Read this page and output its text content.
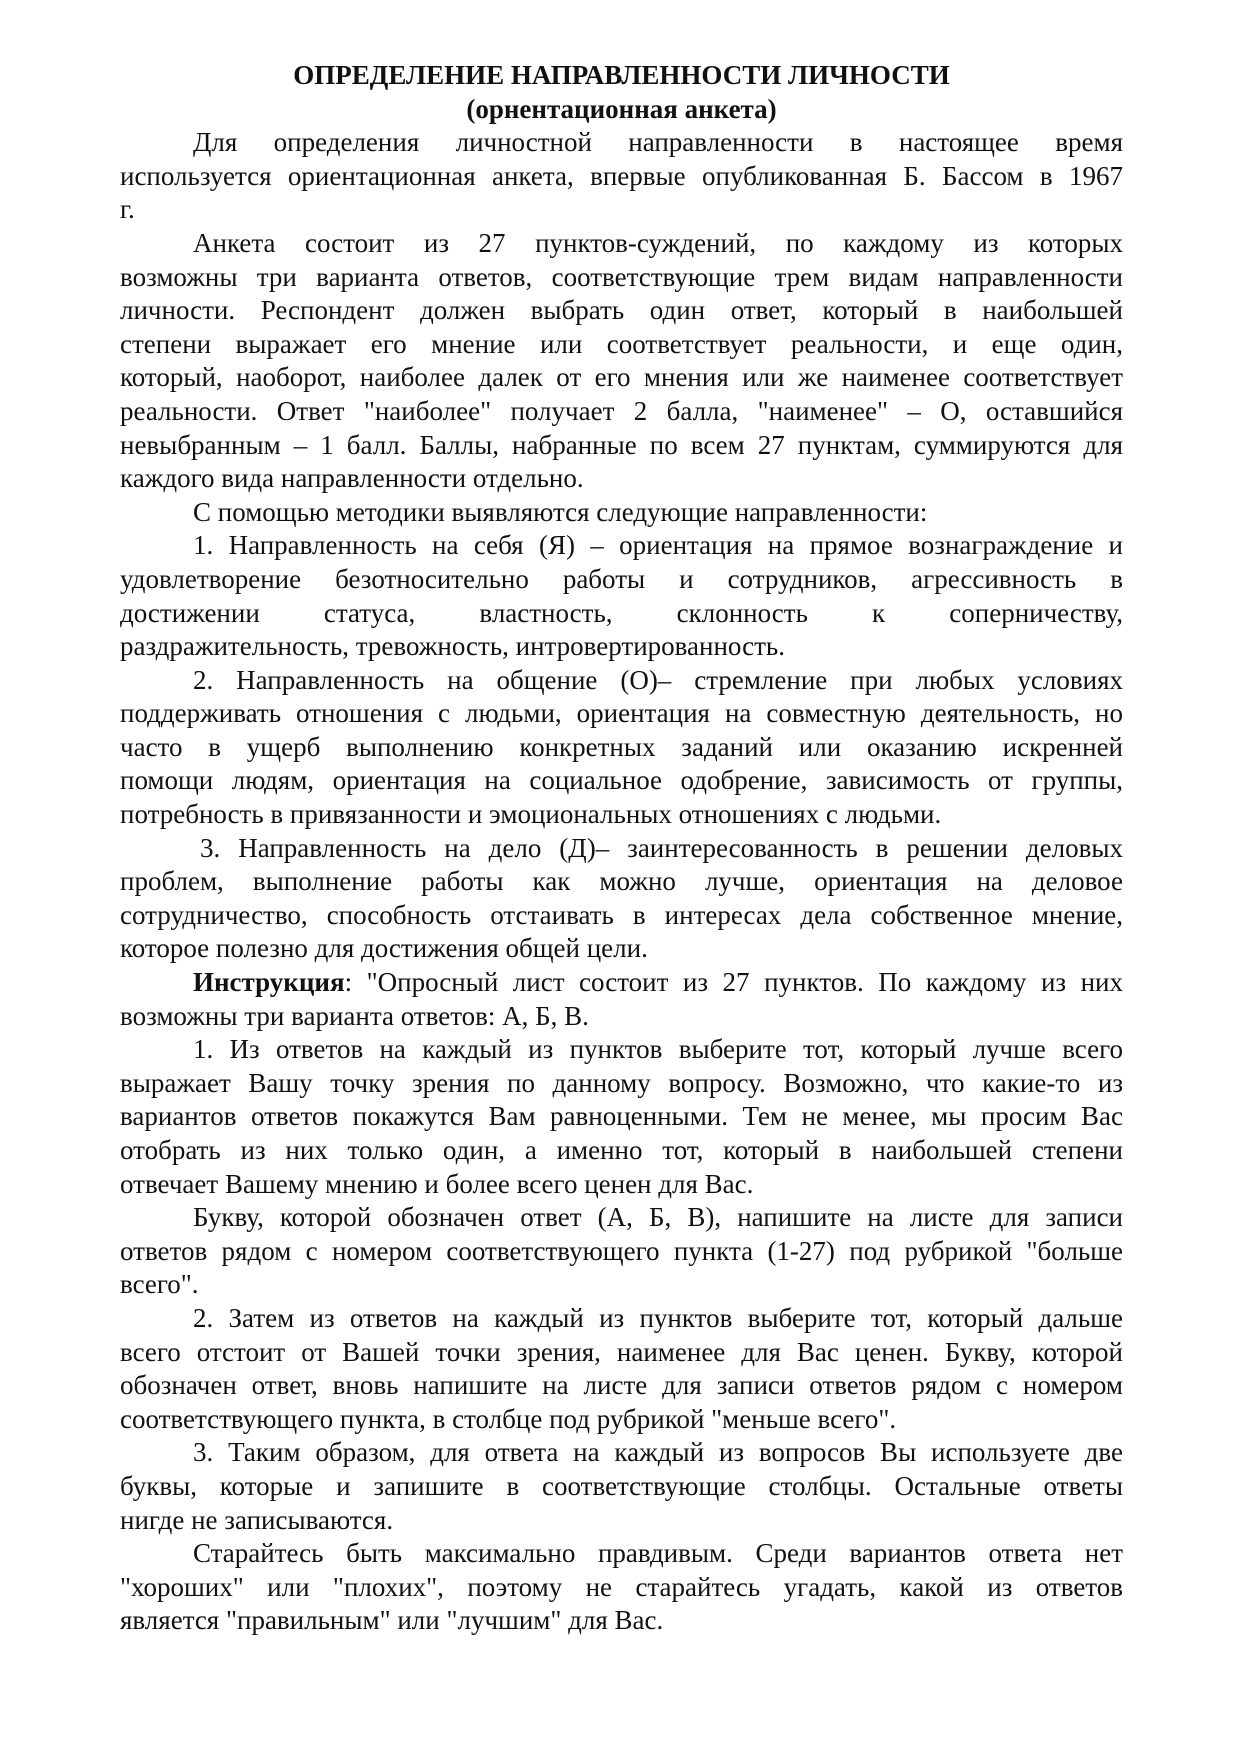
ОПРЕДЕЛЕНИЕ НАПРАВЛЕННОСТИ ЛИЧНОСТИ
(орнентационная анкета)
Для определения личностной направленности в настоящее время
используется ориентационная анкета, впервые опубликованная Б. Бассом в 1967
г.
Анкета состоит из 27 пунктов-суждений, по каждому из которых
возможны три варианта ответов, соответствующие трем видам направленности
личности. Респондент должен выбрать один ответ, который в наибольшей
степени выражает его мнение или соответствует реальности, и еще один,
который, наоборот, наиболее далек от его мнения или же наименее соответствует
реальности. Ответ "наиболее" получает 2 балла, "наименее" – О, оставшийся
невыбранным – 1 балл. Баллы, набранные по всем 27 пунктам, суммируются для
каждого вида направленности отдельно.
С помощью методики выявляются следующие направленности:
1. Направленность на себя (Я) – ориентация на прямое вознаграждение и
удовлетворение безотносительно работы и сотрудников, агрессивность в
достижении статуса, властность, склонность к соперничеству,
раздражительность, тревожность, интровертированность.
2. Направленность на общение (О)– стремление при любых условиях
поддерживать отношения с людьми, ориентация на совместную деятельность, но
часто в ущерб выполнению конкретных заданий или оказанию искренней
помощи людям, ориентация на социальное одобрение, зависимость от группы,
потребность в привязанности и эмоциональных отношениях с людьми.
3. Направленность на дело (Д)– заинтересованность в решении деловых
проблем, выполнение работы как можно лучше, ориентация на деловое
сотрудничество, способность отстаивать в интересах дела собственное мнение,
которое полезно для достижения общей цели.
Инструкция: "Опросный лист состоит из 27 пунктов. По каждому из них
возможны три варианта ответов: А, Б, В.
1. Из ответов на каждый из пунктов выберите тот, который лучше всего
выражает Вашу точку зрения по данному вопросу. Возможно, что какие-то из
вариантов ответов покажутся Вам равноценными. Тем не менее, мы просим Вас
отобрать из них только один, а именно тот, который в наибольшей степени
отвечает Вашему мнению и более всего ценен для Вас.
Букву, которой обозначен ответ (А, Б, В), напишите на листе для записи
ответов рядом с номером соответствующего пункта (1-27) под рубрикой "больше
всего".
2. Затем из ответов на каждый из пунктов выберите тот, который дальше
всего отстоит от Вашей точки зрения, наименее для Вас ценен. Букву, которой
обозначен ответ, вновь напишите на листе для записи ответов рядом с номером
соответствующего пункта, в столбце под рубрикой "меньше всего".
3. Таким образом, для ответа на каждый из вопросов Вы используете две
буквы, которые и запишите в соответствующие столбцы. Остальные ответы
нигде не записываются.
Старайтесь быть максимально правдивым. Среди вариантов ответа нет
"хороших" или "плохих", поэтому не старайтесь угадать, какой из ответов
является "правильным" или "лучшим" для Вас.
